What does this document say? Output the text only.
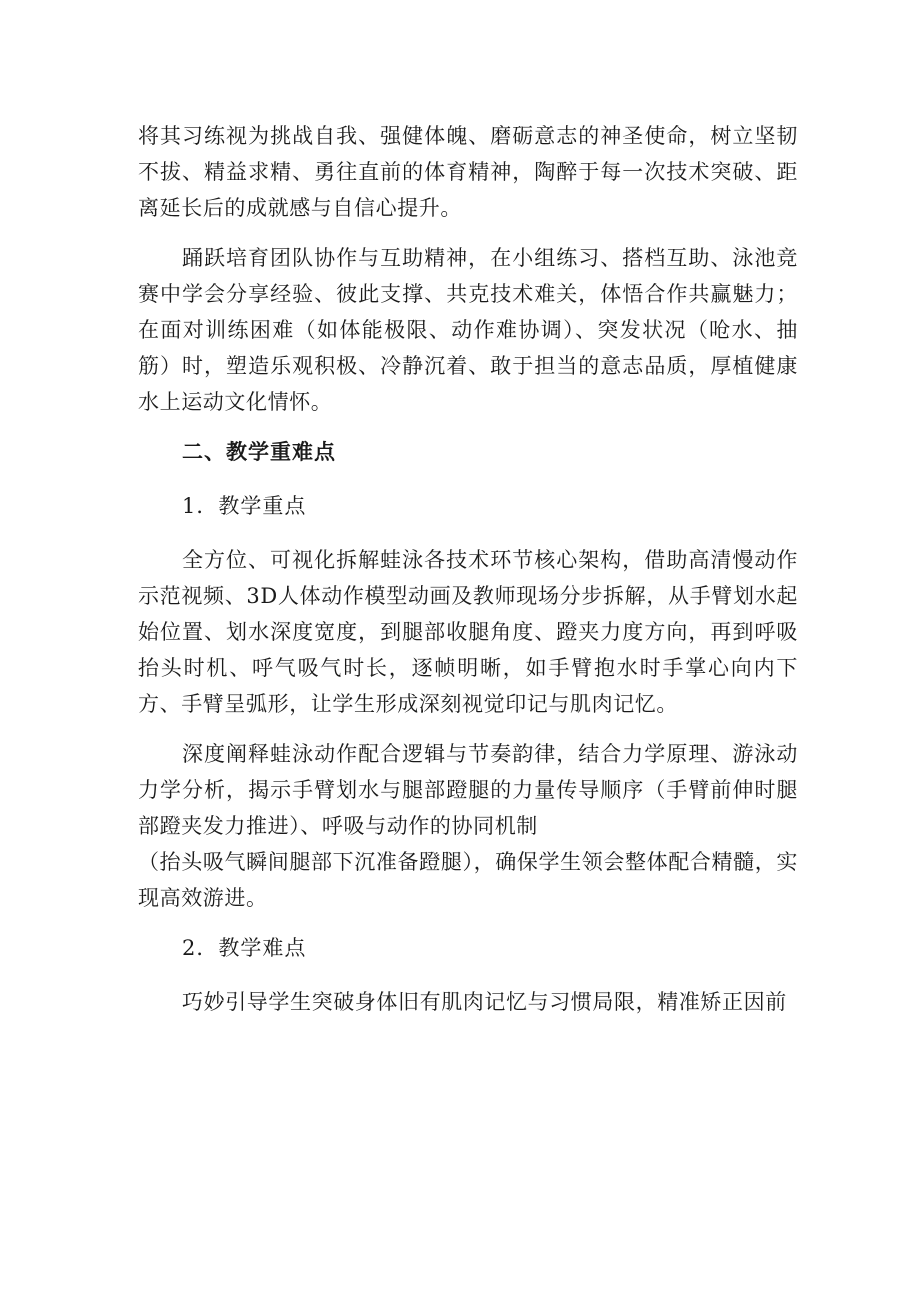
将其习练视为挑战自我、强健体魄、磨砺意志的神圣使命，树立坚韧不拔、精益求精、勇往直前的体育精神，陶醉于每一次技术突破、距离延长后的成就感与自信心提升。

踊跃培育团队协作与互助精神，在小组练习、搭档互助、泳池竞赛中学会分享经验、彼此支撑、共克技术难关，体悟合作共赢魅力；在面对训练困难（如体能极限、动作难协调）、突发状况（呛水、抽筋）时，塑造乐观积极、冷静沉着、敢于担当的意志品质，厚植健康水上运动文化情怀。

二、教学重难点
1．教学重点

全方位、可视化拆解蛙泳各技术环节核心架构，借助高清慢动作示范视频、3D人体动作模型动画及教师现场分步拆解，从手臂划水起始位置、划水深度宽度，到腿部收腿角度、蹬夹力度方向，再到呼吸抬头时机、呼气吸气时长，逐帧明晰，如手臂抱水时手掌心向内下方、手臂呈弧形，让学生形成深刻视觉印记与肌肉记忆。

深度阐释蛙泳动作配合逻辑与节奏韵律，结合力学原理、游泳动力学分析，揭示手臂划水与腿部蹬腿的力量传导顺序（手臂前伸时腿部蹬夹发力推进）、呼吸与动作的协同机制

（抬头吸气瞬间腿部下沉准备蹬腿），确保学生领会整体配合精髓，实现高效游进。

2．教学难点

巧妙引导学生突破身体旧有肌肉记忆与习惯局限，精准矫正因前
